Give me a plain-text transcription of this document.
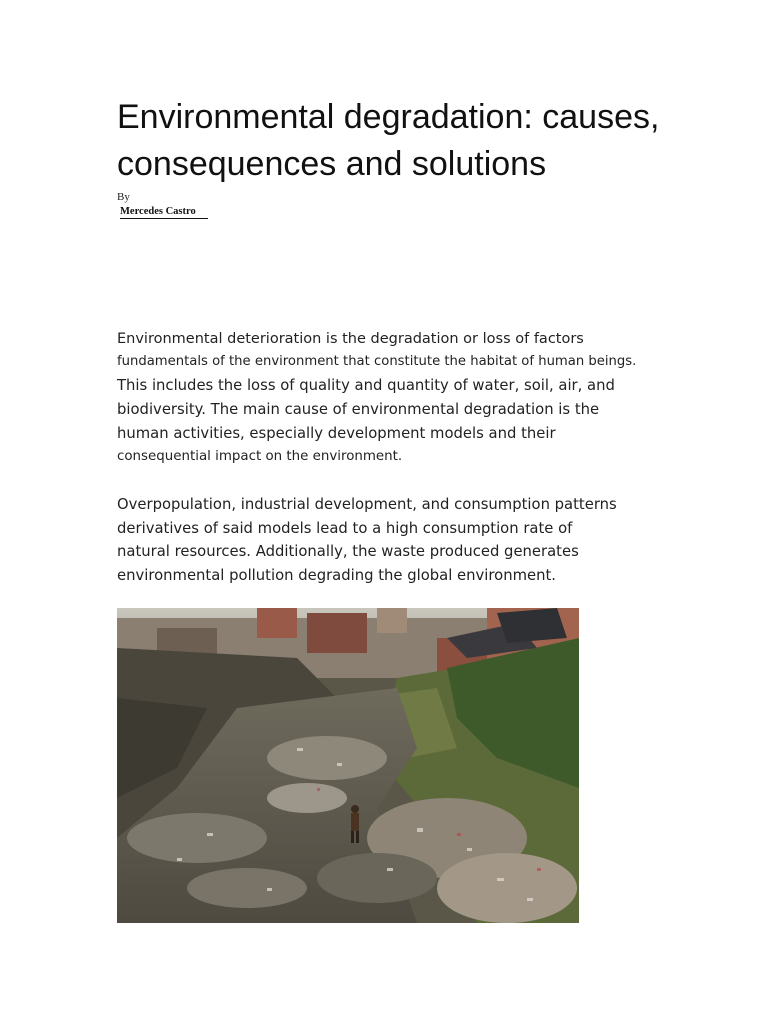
Environmental degradation: causes,
consequences and solutions
By
Mercedes Castro

Environmental deterioration is the degradation or loss of factors
fundamentals of the environment that constitute the habitat of human beings.
This includes the loss of quality and quantity of water, soil, air, and
biodiversity. The main cause of environmental degradation is the
human activities, especially development models and their
consequential impact on the environment.

Overpopulation, industrial development, and consumption patterns
derivatives of said models lead to a high consumption rate of
natural resources. Additionally, the waste produced generates
environmental pollution degrading the global environment.
